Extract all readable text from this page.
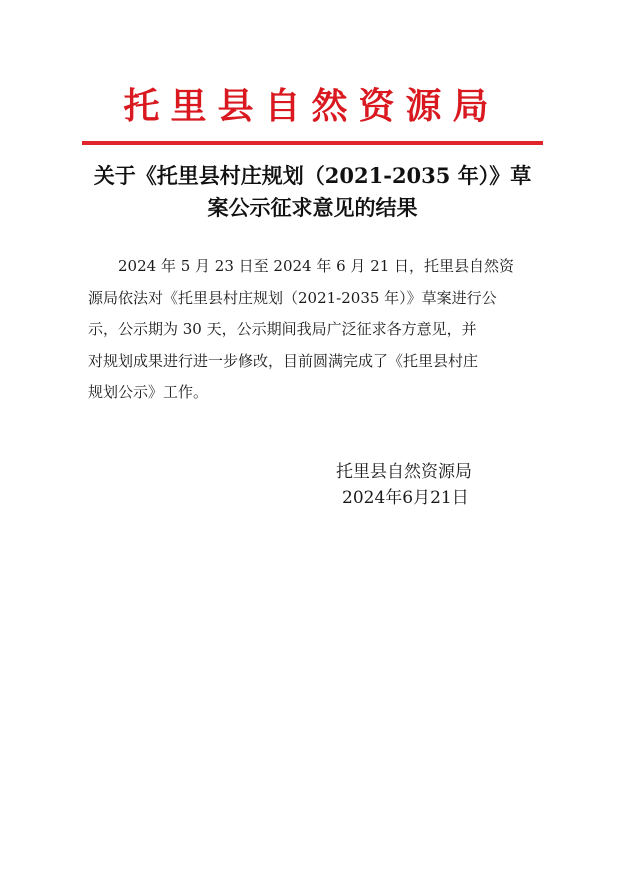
托里县自然资源局
关于《托里县村庄规划（2021-2035 年）》草
案公示征求意见的结果
2024 年 5 月 23 日至 2024 年 6 月 21 日，托里县自然资
源局依法对《托里县村庄规划（2021-2035 年）》草案进行公
示，公示期为 30 天，公示期间我局广泛征求各方意见，并
对规划成果进行进一步修改，目前圆满完成了《托里县村庄
规划公示》工作。
托里县自然资源局
2024年6月21日
